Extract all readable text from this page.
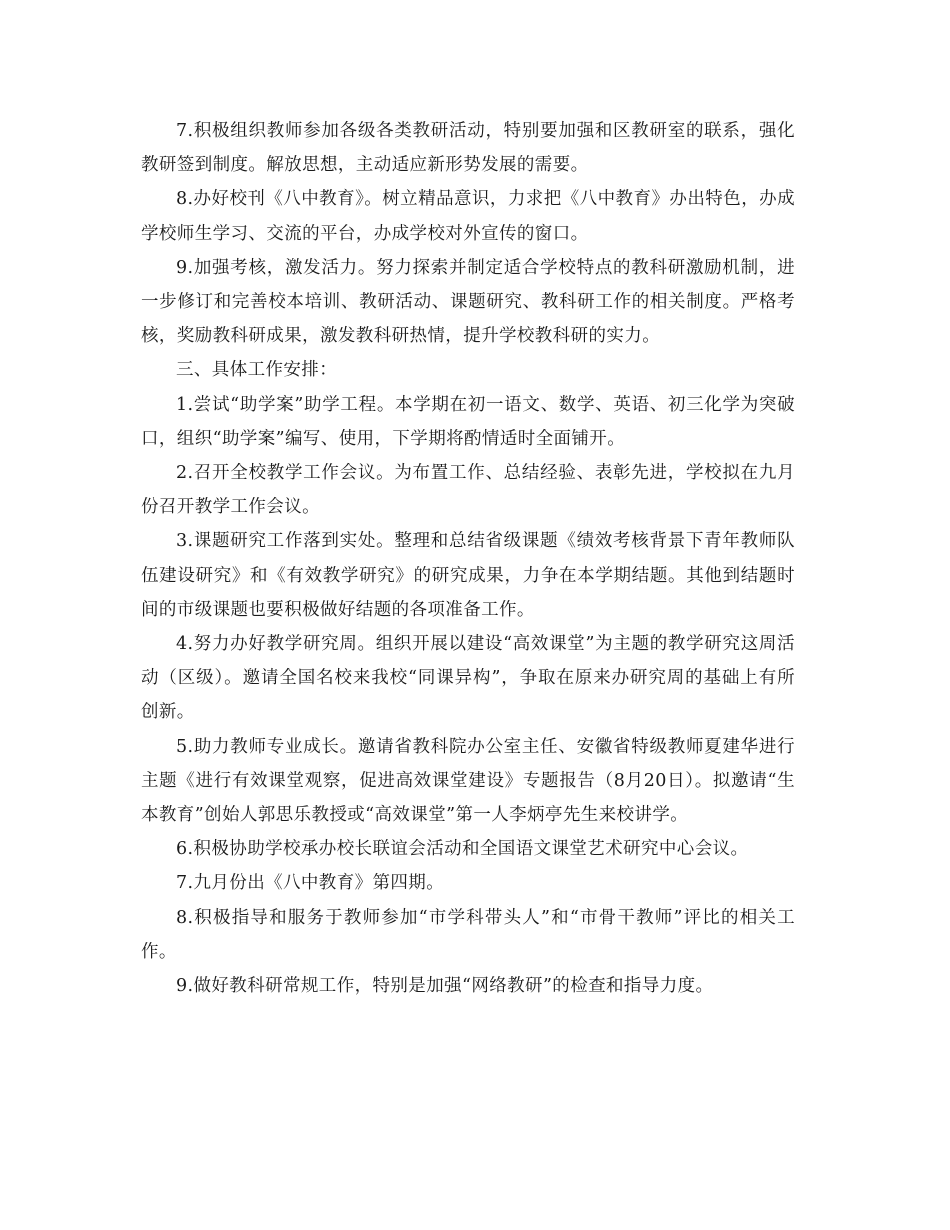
7.积极组织教师参加各级各类教研活动，特别要加强和区教研室的联系，强化教研签到制度。解放思想，主动适应新形势发展的需要。

8.办好校刊《八中教育》。树立精品意识，力求把《八中教育》办出特色，办成学校师生学习、交流的平台，办成学校对外宣传的窗口。

9.加强考核，激发活力。努力探索并制定适合学校特点的教科研激励机制，进一步修订和完善校本培训、教研活动、课题研究、教科研工作的相关制度。严格考核，奖励教科研成果，激发教科研热情，提升学校教科研的实力。

三、具体工作安排：

1.尝试“助学案”助学工程。本学期在初一语文、数学、英语、初三化学为突破口，组织“助学案”编写、使用，下学期将酌情适时全面铺开。

2.召开全校教学工作会议。为布置工作、总结经验、表彰先进，学校拟在九月份召开教学工作会议。

3.课题研究工作落到实处。整理和总结省级课题《绩效考核背景下青年教师队伍建设研究》和《有效教学研究》的研究成果，力争在本学期结题。其他到结题时间的市级课题也要积极做好结题的各项准备工作。

4.努力办好教学研究周。组织开展以建设“高效课堂”为主题的教学研究这周活动（区级）。邀请全国名校来我校“同课异构”，争取在原来办研究周的基础上有所创新。

5.助力教师专业成长。邀请省教科院办公室主任、安徽省特级教师夏建华进行主题《进行有效课堂观察，促进高效课堂建设》专题报告（8月20日）。拟邀请“生本教育”创始人郭思乐教授或“高效课堂”第一人李炳亭先生来校讲学。

6.积极协助学校承办校长联谊会活动和全国语文课堂艺术研究中心会议。

7.九月份出《八中教育》第四期。

8.积极指导和服务于教师参加“市学科带头人”和“市骨干教师”评比的相关工作。

9.做好教科研常规工作，特别是加强“网络教研”的检查和指导力度。
